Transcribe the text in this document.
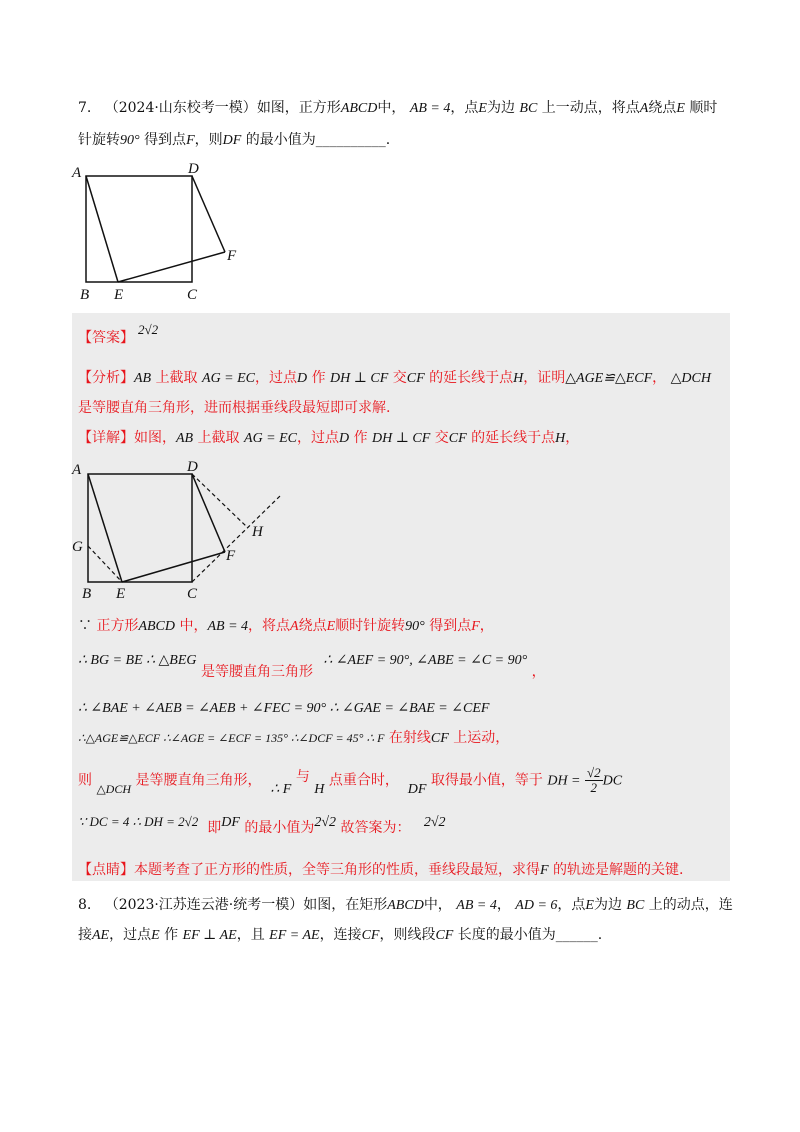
7. （2024·山东校考一模）如图，正方形ABCD中， AB = 4，点E为边 BC 上一动点，将点A绕点E 顺时
针旋转90° 得到点F，则DF 的最小值为__________.
A	D
F
B E	C
【答案】2√2
【分析】AB 上截取 AG = EC，过点D 作 DH ⊥ CF 交CF 的延长线于点H，证明△AGE≌△ECF， △DCH
是等腰直角三角形，进而根据垂线段最短即可求解.
【详解】如图，AB 上截取 AG = EC，过点D 作 DH ⊥ CF 交CF 的延长线于点H，
A	D
H
F
G
B E	C
∵ 正方形ABCD 中，AB = 4，将点A绕点E顺时针旋转90° 得到点F，
∴ BG = BE ∴ △BEG 是等腰直角三角形 ∴ ∠AEF = 90°, ∠ABE = ∠C = 90° ，
∴ ∠BAE + ∠AEB = ∠AEB + ∠FEC = 90° ∴ ∠GAE = ∠BAE = ∠CEF
∴△AGE≌△ECF ∴∠AGE = ∠ECF = 135° ∴∠DCF = 45° ∴ F 在射线CF 上运动，
则 △DCH 是等腰直角三角形，  ∴ F 与 H 点重合时，  DF 取得最小值，等于 DH = $\frac{√2}{2}$ DC
∵ DC = 4 ∴ DH = 2√2 即DF 的最小值为2√2 故答案为： 2√2
【点睛】本题考查了正方形的性质，全等三角形的性质，垂线段最短，求得F 的轨迹是解题的关键.
8. （2023·江苏连云港·统考一模）如图，在矩形ABCD中， AB = 4， AD = 6，点E为边 BC 上的动点，连
接AE，过点E 作 EF ⊥ AE，且 EF = AE，连接CF，则线段CF 长度的最小值为______.
